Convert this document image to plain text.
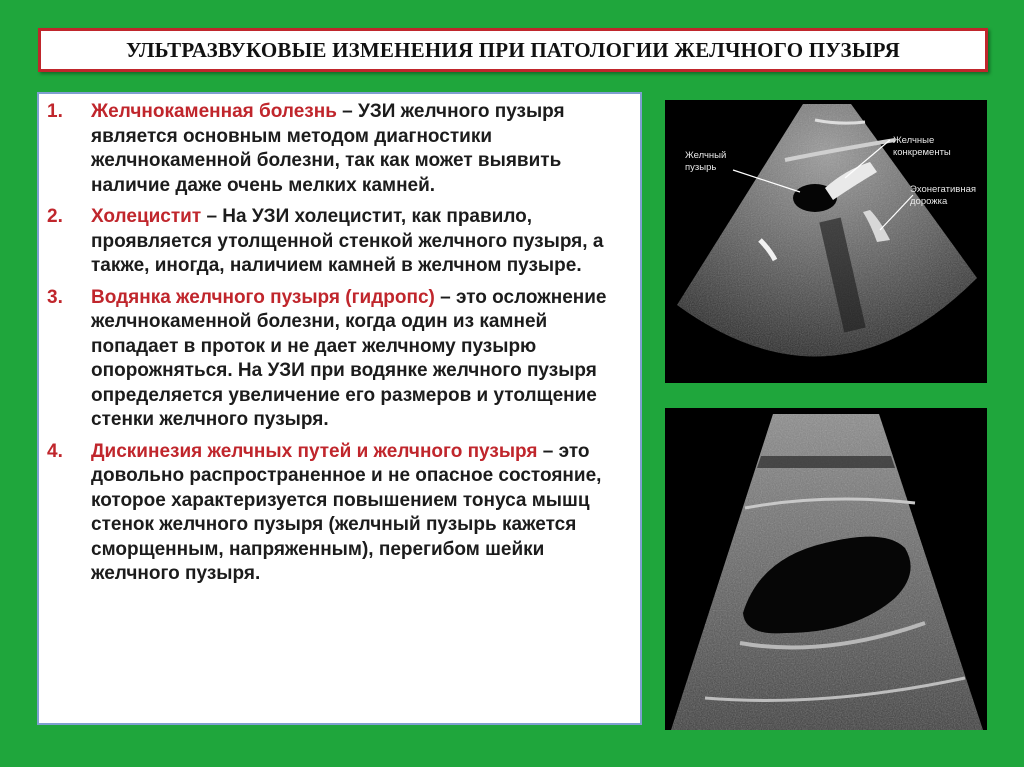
УЛЬТРАЗВУКОВЫЕ ИЗМЕНЕНИЯ ПРИ ПАТОЛОГИИ ЖЕЛЧНОГО ПУЗЫРЯ
1. Желчнокаменная болезнь – УЗИ желчного пузыря является основным методом диагностики желчнокаменной болезни, так как может выявить наличие даже очень мелких камней.
2. Холецистит – На УЗИ холецистит, как правило, проявляется утолщенной стенкой желчного пузыря, а также, иногда, наличием камней в желчном пузыре.
3. Водянка желчного пузыря (гидропс) – это осложнение желчнокаменной болезни, когда один из камней попадает в проток и не дает желчному пузырю опорожняться. На УЗИ при водянке желчного пузыря определяется увеличение его размеров и утолщение стенки желчного пузыря.
4. Дискинезия желчных путей и желчного пузыря – это довольно распространенное и не опасное состояние, которое характеризуется повышением тонуса мышц стенок желчного пузыря (желчный пузырь кажется сморщенным, напряженным), перегибом шейки желчного пузыря.
Желчный
пузырь
Желчные
конкременты
Эхонегативная
дорожка
